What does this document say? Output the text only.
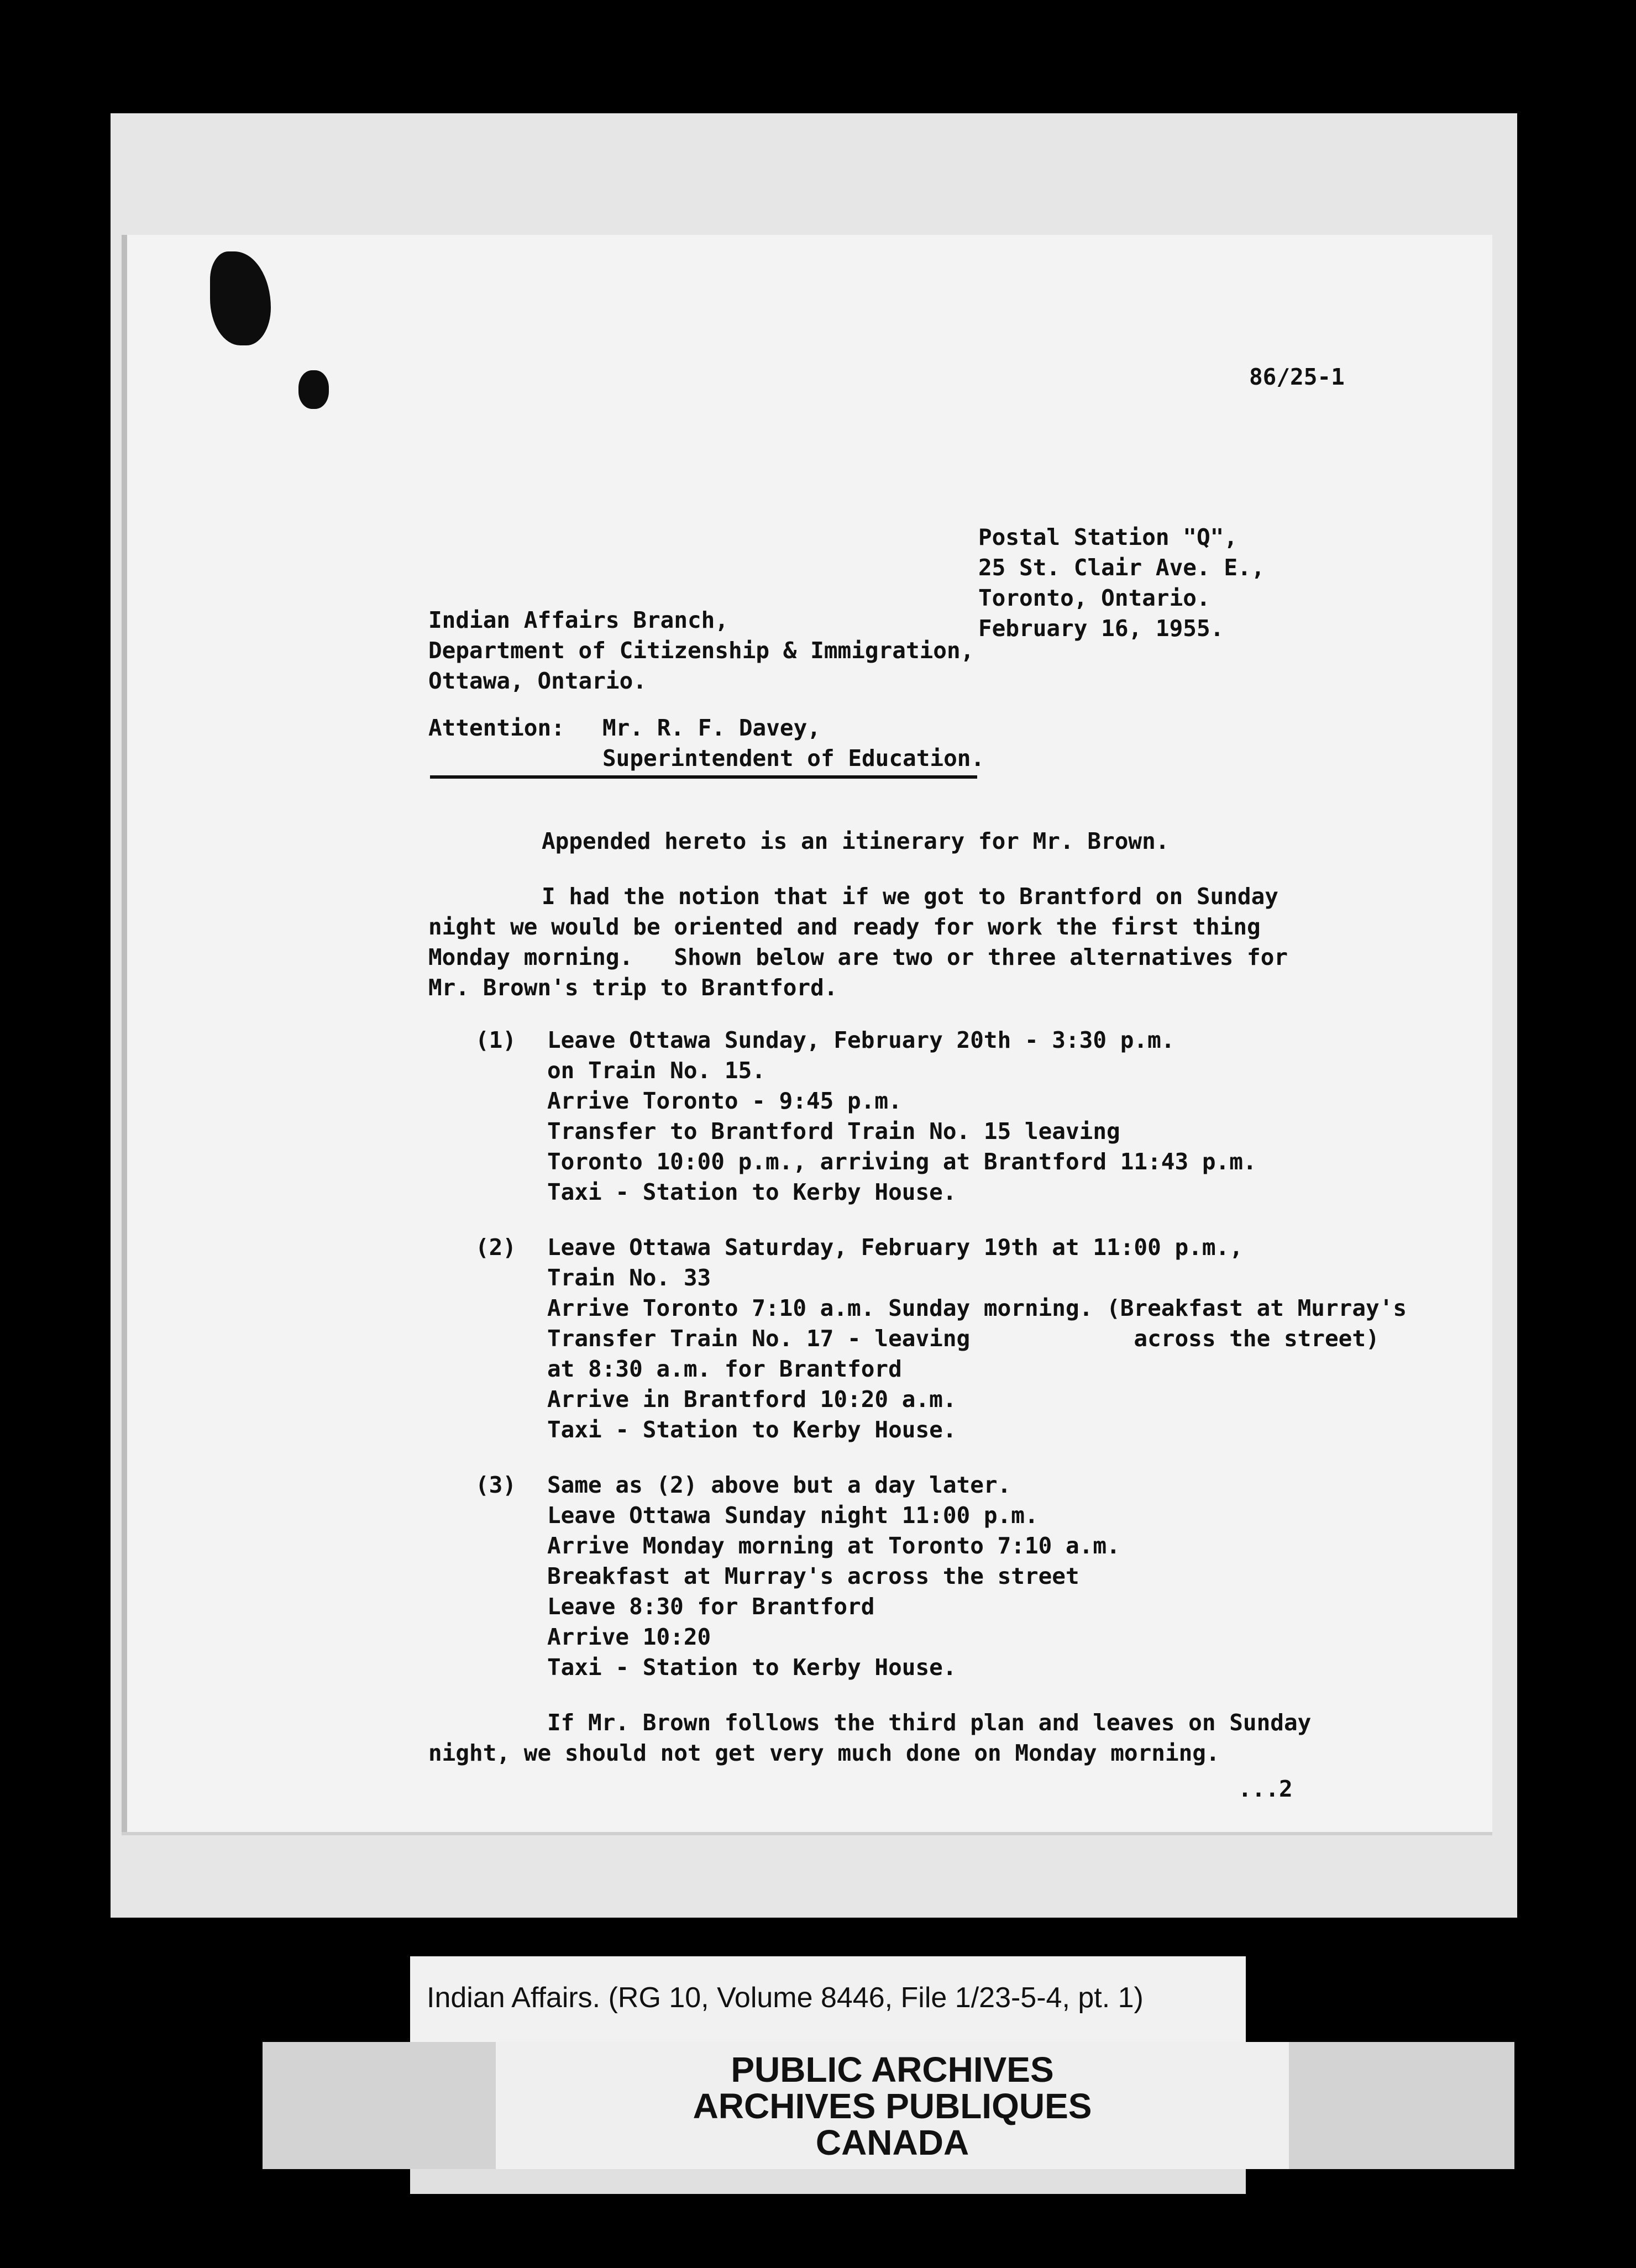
86/25-1
Postal Station "Q",
25 St. Clair Ave. E.,
Toronto, Ontario.
February 16, 1955.
Indian Affairs Branch,
Department of Citizenship & Immigration,
Ottawa, Ontario.
Attention: Mr. R. F. Davey,
Superintendent of Education.
Appended hereto is an itinerary for Mr. Brown.
I had the notion that if we got to Brantford on Sunday
night we would be oriented and ready for work the first thing
Monday morning.   Shown below are two or three alternatives for
Mr. Brown's trip to Brantford.
(1) Leave Ottawa Sunday, February 20th - 3:30 p.m.
on Train No. 15.
Arrive Toronto - 9:45 p.m.
Transfer to Brantford Train No. 15 leaving
Toronto 10:00 p.m., arriving at Brantford 11:43 p.m.
Taxi - Station to Kerby House.
(2) Leave Ottawa Saturday, February 19th at 11:00 p.m.,
Train No. 33
Arrive Toronto 7:10 a.m. Sunday morning. (Breakfast at Murray's
Transfer Train No. 17 - leaving            across the street)
at 8:30 a.m. for Brantford
Arrive in Brantford 10:20 a.m.
Taxi - Station to Kerby House.
(3) Same as (2) above but a day later.
Leave Ottawa Sunday night 11:00 p.m.
Arrive Monday morning at Toronto 7:10 a.m.
Breakfast at Murray's across the street
Leave 8:30 for Brantford
Arrive 10:20
Taxi - Station to Kerby House.
If Mr. Brown follows the third plan and leaves on Sunday
night, we should not get very much done on Monday morning.
...2
Indian Affairs. (RG 10, Volume 8446, File 1/23-5-4, pt. 1)
PUBLIC ARCHIVES
ARCHIVES PUBLIQUES
CANADA
